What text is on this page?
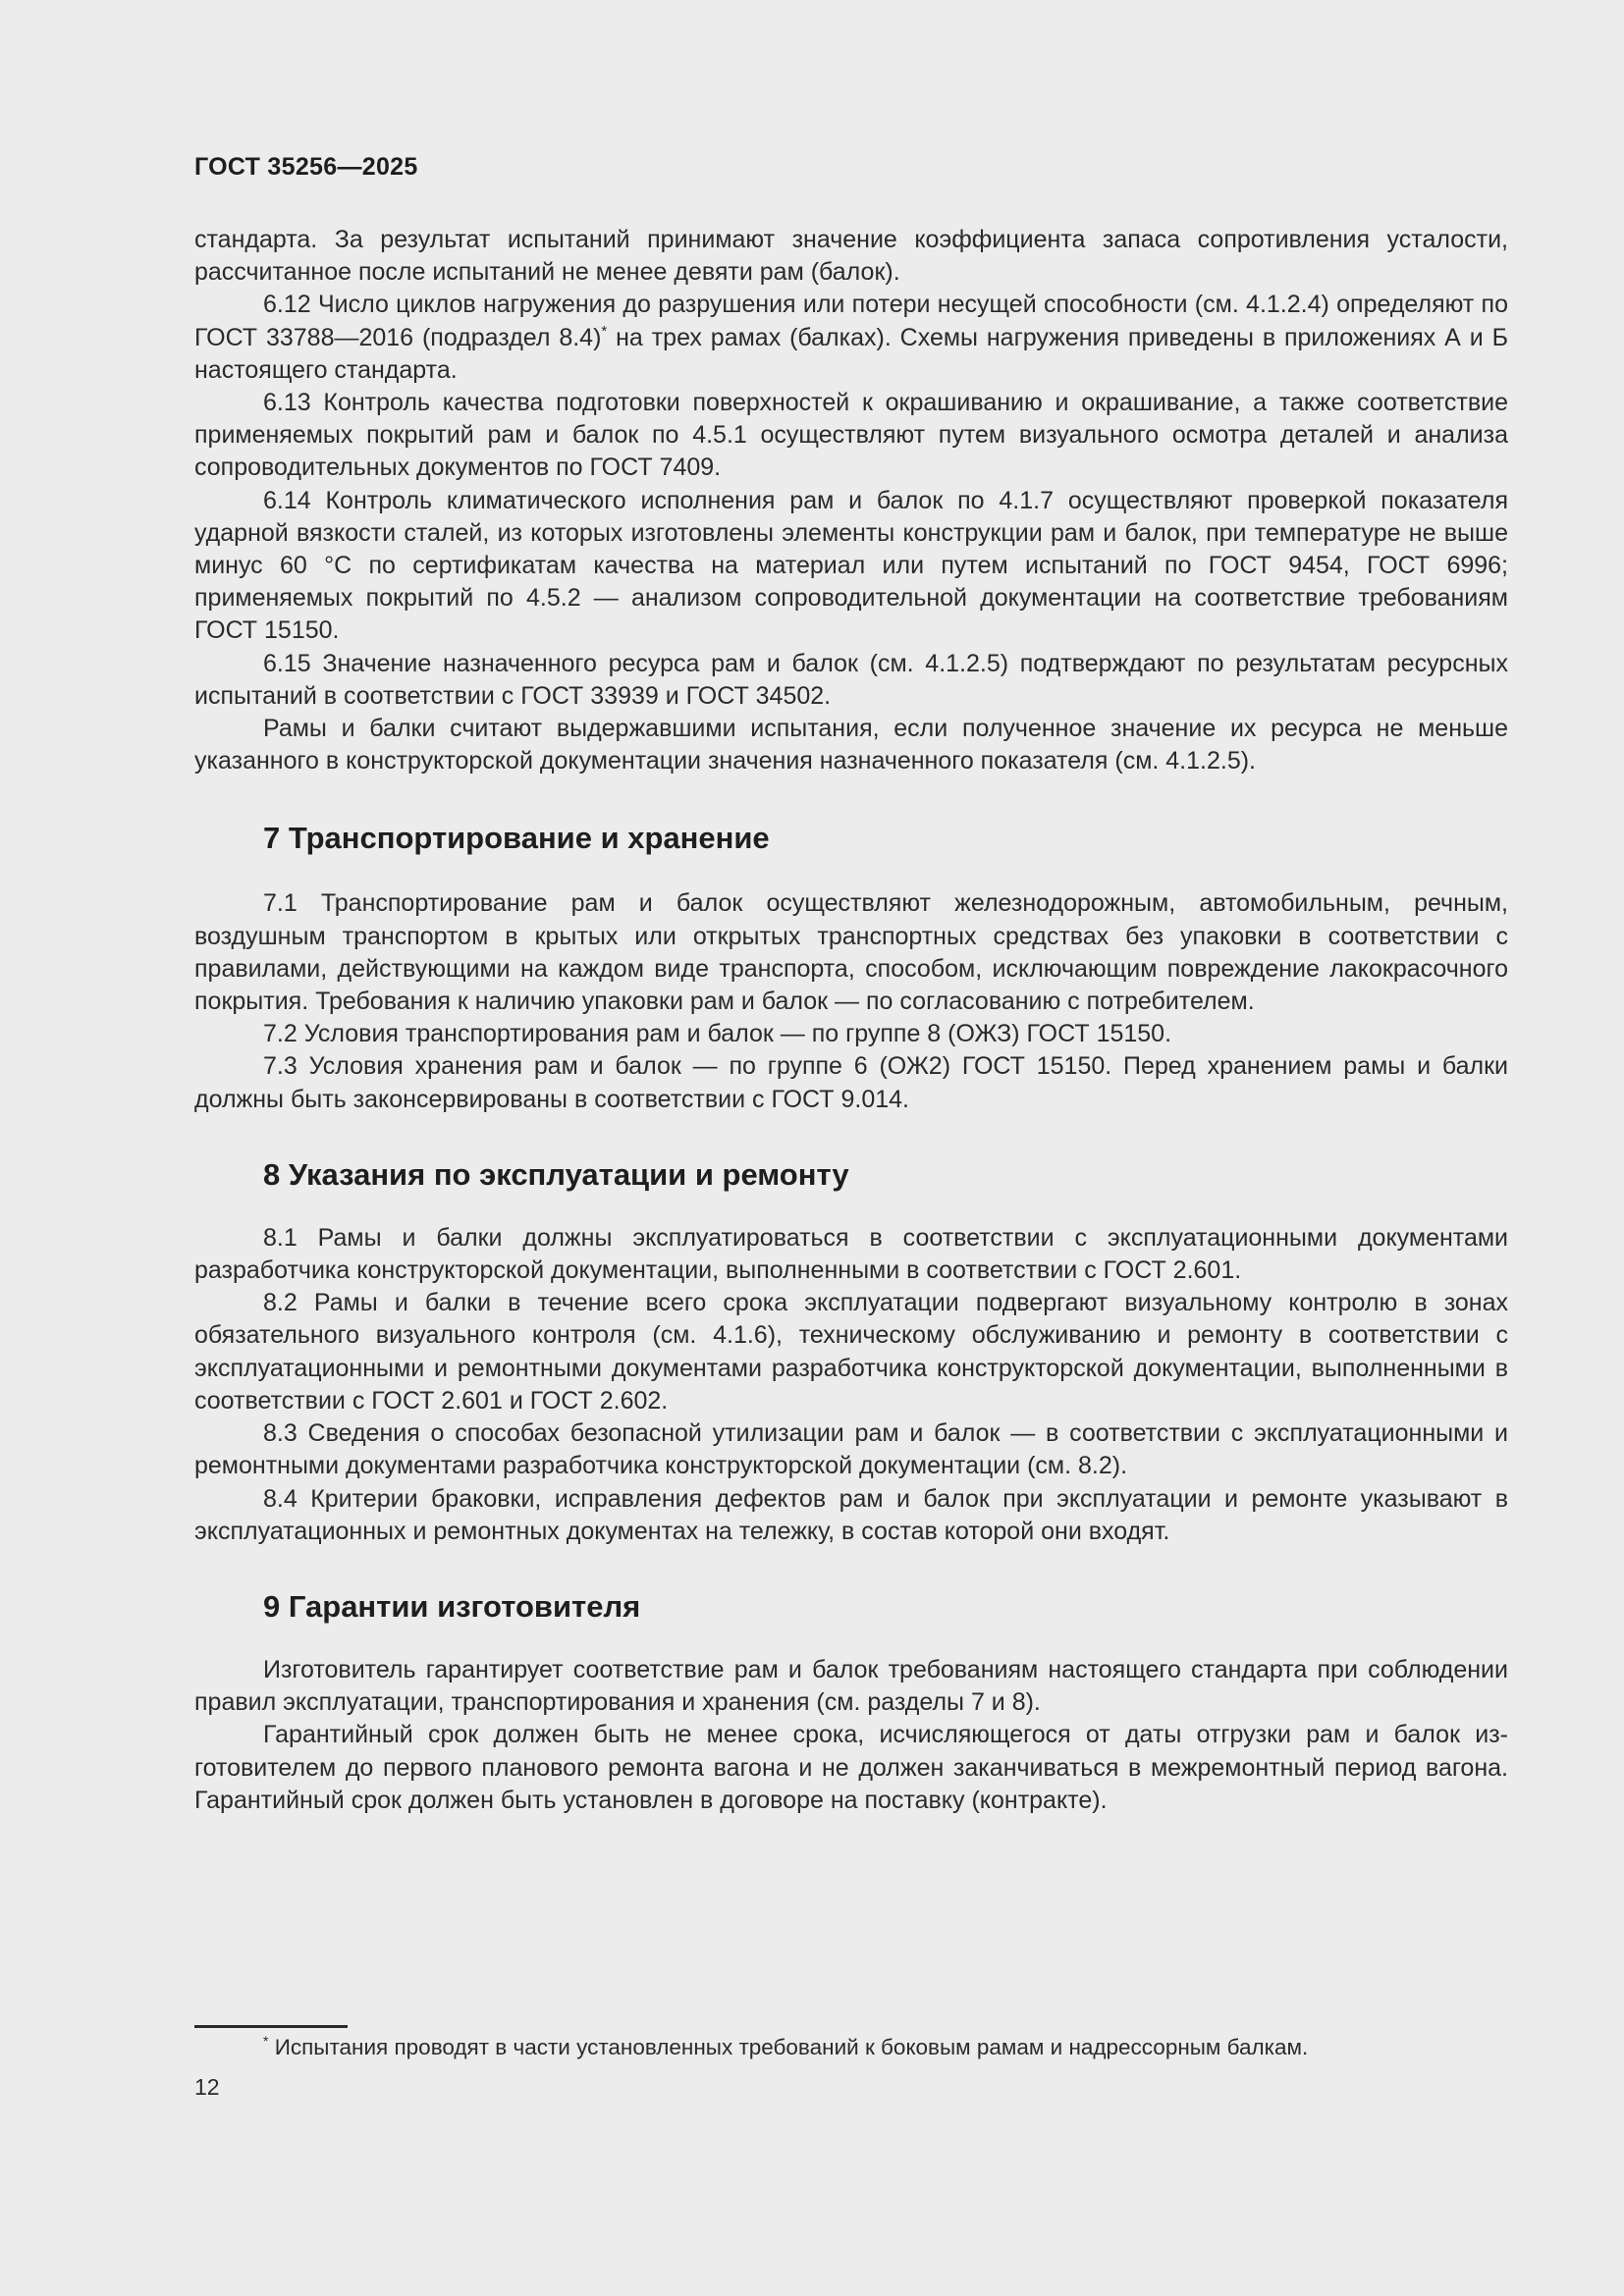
ГОСТ 35256—2025

стандарта. За результат испытаний принимают значение коэффициента запаса сопротивления усталости, рассчитанное после испытаний не менее девяти рам (балок).

6.12 Число циклов нагружения до разрушения или потери несущей способности (см. 4.1.2.4) определяют по ГОСТ 33788—2016 (подраздел 8.4)* на трех рамах (балках). Схемы нагружения приведены в приложениях А и Б настоящего стандарта.

6.13 Контроль качества подготовки поверхностей к окрашиванию и окрашивание, а также соответствие применяемых покрытий рам и балок по 4.5.1 осуществляют путем визуального осмотра деталей и анализа сопроводительных документов по ГОСТ 7409.

6.14 Контроль климатического исполнения рам и балок по 4.1.7 осуществляют проверкой показателя ударной вязкости сталей, из которых изготовлены элементы конструкции рам и балок, при температуре не выше минус 60 °С по сертификатам качества на материал или путем испытаний по ГОСТ 9454, ГОСТ 6996; применяемых покрытий по 4.5.2 — анализом сопроводительной документации на соответствие требованиям ГОСТ 15150.

6.15 Значение назначенного ресурса рам и балок (см. 4.1.2.5) подтверждают по результатам ресурсных испытаний в соответствии с ГОСТ 33939 и ГОСТ 34502.

Рамы и балки считают выдержавшими испытания, если полученное значение их ресурса не меньше указанного в конструкторской документации значения назначенного показателя (см. 4.1.2.5).

7 Транспортирование и хранение

7.1 Транспортирование рам и балок осуществляют железнодорожным, автомобильным, речным, воздушным транспортом в крытых или открытых транспортных средствах без упаковки в соответствии с правилами, действующими на каждом виде транспорта, способом, исключающим повреждение лакокрасочного покрытия. Требования к наличию упаковки рам и балок — по согласованию с потребителем.

7.2 Условия транспортирования рам и балок — по группе 8 (ОЖЗ) ГОСТ 15150.

7.3 Условия хранения рам и балок — по группе 6 (ОЖ2) ГОСТ 15150. Перед хранением рамы и балки должны быть законсервированы в соответствии с ГОСТ 9.014.

8 Указания по эксплуатации и ремонту

8.1 Рамы и балки должны эксплуатироваться в соответствии с эксплуатационными документами разработчика конструкторской документации, выполненными в соответствии с ГОСТ 2.601.

8.2 Рамы и балки в течение всего срока эксплуатации подвергают визуальному контролю в зонах обязательного визуального контроля (см. 4.1.6), техническому обслуживанию и ремонту в соответствии с эксплуатационными и ремонтными документами разработчика конструкторской документации, выполненными в соответствии с ГОСТ 2.601 и ГОСТ 2.602.

8.3 Сведения о способах безопасной утилизации рам и балок — в соответствии с эксплуатационными и ремонтными документами разработчика конструкторской документации (см. 8.2).

8.4 Критерии браковки, исправления дефектов рам и балок при эксплуатации и ремонте указывают в эксплуатационных и ремонтных документах на тележку, в состав которой они входят.

9 Гарантии изготовителя

Изготовитель гарантирует соответствие рам и балок требованиям настоящего стандарта при соблюдении правил эксплуатации, транспортирования и хранения (см. разделы 7 и 8).

Гарантийный срок должен быть не менее срока, исчисляющегося от даты отгрузки рам и балок изготовителем до первого планового ремонта вагона и не должен заканчиваться в межремонтный период вагона. Гарантийный срок должен быть установлен в договоре на поставку (контракте).

* Испытания проводят в части установленных требований к боковым рамам и надрессорным балкам.
12
